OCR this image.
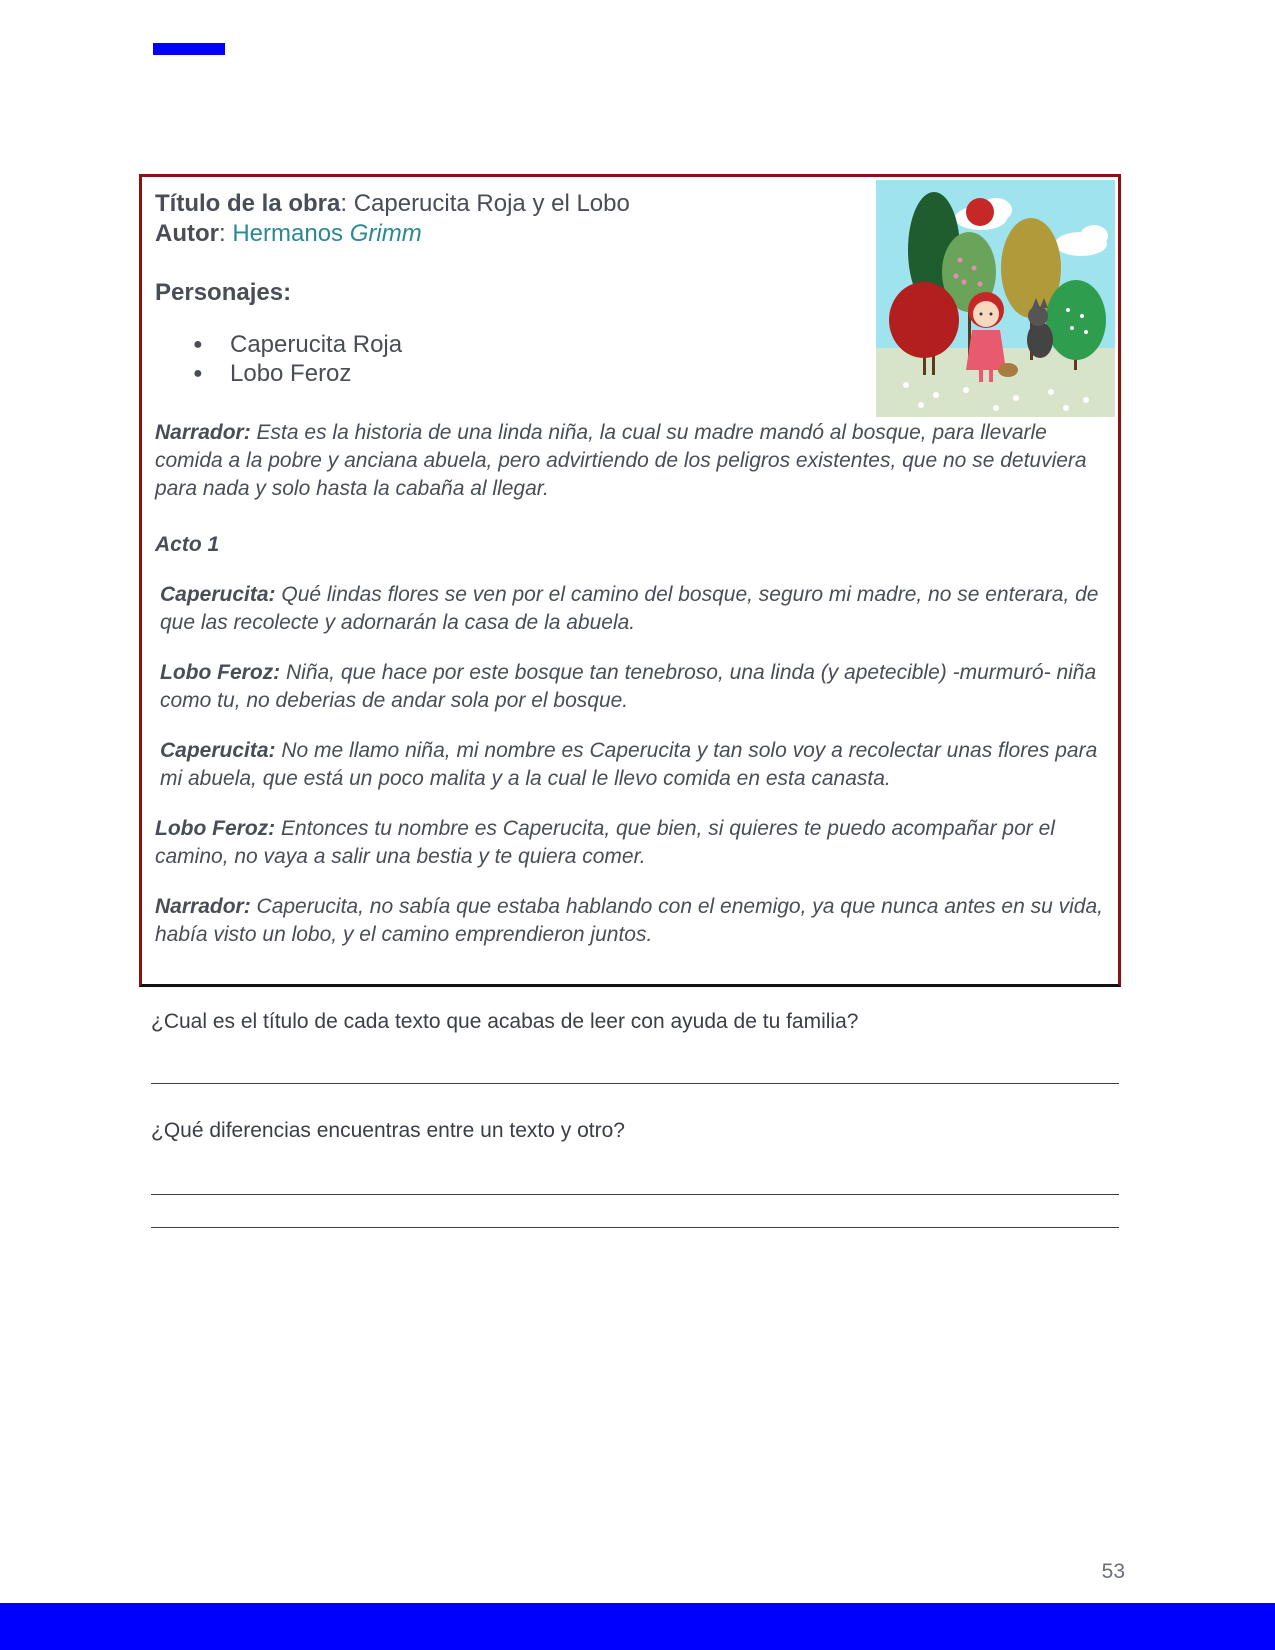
Título de la obra: Caperucita Roja y el Lobo
Autor: Hermanos Grimm
Personajes:
● Caperucita Roja
● Lobo Feroz
Narrador: Esta es la historia de una linda niña, la cual su madre mandó al bosque, para llevarle comida a la pobre y anciana abuela, pero advirtiendo de los peligros existentes, que no se detuviera para nada y solo hasta la cabaña al llegar.
Acto 1
Caperucita: Qué lindas flores se ven por el camino del bosque, seguro mi madre, no se enterara, de que las recolecte y adornarán la casa de la abuela.
Lobo Feroz: Niña, que hace por este bosque tan tenebroso, una linda (y apetecible) -murmuró- niña como tu, no deberias de andar sola por el bosque.
Caperucita: No me llamo niña, mi nombre es Caperucita y tan solo voy a recolectar unas flores para mi abuela, que está un poco malita y a la cual le llevo comida en esta canasta.
Lobo Feroz: Entonces tu nombre es Caperucita, que bien, si quieres te puedo acompañar por el camino, no vaya a salir una bestia y te quiera comer.
Narrador: Caperucita, no sabía que estaba hablando con el enemigo, ya que nunca antes en su vida, había visto un lobo, y el camino emprendieron juntos.
¿Cual es el título de cada texto que acabas de leer con ayuda de tu familia?
¿Qué diferencias encuentras entre un texto y otro?
53
